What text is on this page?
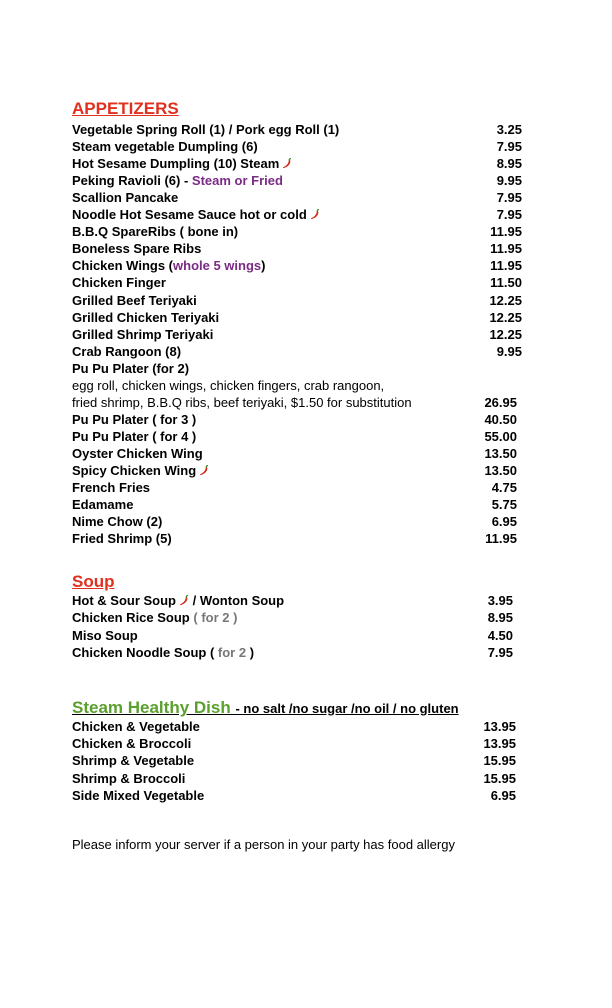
APPETIZERS
Vegetable Spring Roll (1) / Pork egg Roll (1)	3.25
Steam vegetable Dumpling (6)	7.95
Hot Sesame Dumpling (10) Steam	8.95
Peking Ravioli (6) - Steam or Fried	9.95
Scallion Pancake	7.95
Noodle Hot Sesame Sauce hot or cold	7.95
B.B.Q SpareRibs ( bone in)	11.95
Boneless Spare Ribs	11.95
Chicken Wings (whole 5 wings)	11.95
Chicken Finger	11.50
Grilled Beef Teriyaki	12.25
Grilled Chicken Teriyaki	12.25
Grilled Shrimp Teriyaki	12.25
Crab Rangoon (8)	9.95
Pu Pu Plater (for 2)
egg roll, chicken wings, chicken fingers, crab rangoon,
fried shrimp, B.B.Q ribs, beef teriyaki, $1.50 for substitution	26.95
Pu Pu Plater ( for 3 )	40.50
Pu Pu Plater ( for 4 )	55.00
Oyster Chicken Wing	13.50
Spicy Chicken Wing	13.50
French Fries	4.75
Edamame	5.75
Nime Chow (2)	6.95
Fried Shrimp (5)	11.95
Soup
Hot & Sour Soup / Wonton Soup	3.95
Chicken Rice Soup ( for 2 )	8.95
Miso Soup	4.50
Chicken Noodle Soup ( for 2 )	7.95
Steam Healthy Dish - no salt /no sugar /no oil / no gluten
Chicken & Vegetable	13.95
Chicken & Broccoli	13.95
Shrimp & Vegetable	15.95
Shrimp & Broccoli	15.95
Side Mixed Vegetable	6.95
Please inform your server if a person in your party has food allergy
